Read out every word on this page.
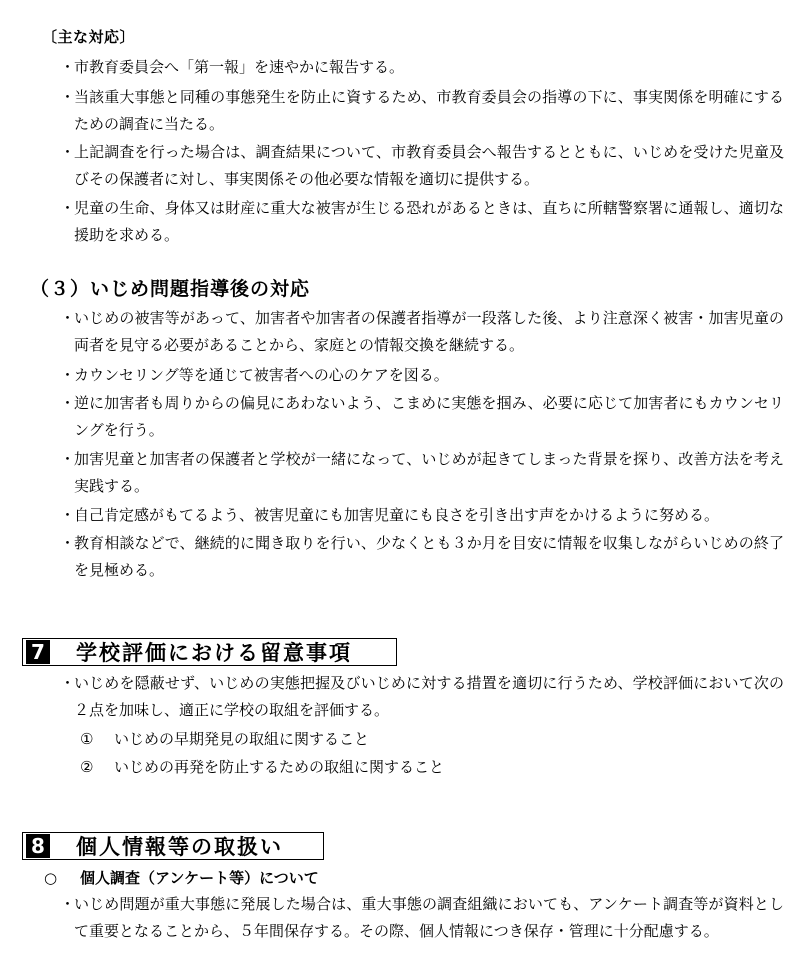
〔主な対応〕
・
市教育委員会へ「第一報」を速やかに報告する。
・
当該重大事態と同種の事態発生を防止に資するため、市教育委員会の指導の下に、事実関係を明確にするための調査に当たる。
・
上記調査を行った場合は、調査結果について、市教育委員会へ報告するとともに、いじめを受けた児童及びその保護者に対し、事実関係その他必要な情報を適切に提供する。
・
児童の生命、身体又は財産に重大な被害が生じる恐れがあるときは、直ちに所轄警察署に通報し、適切な援助を求める。
（３）いじめ問題指導後の対応
・
いじめの被害等があって、加害者や加害者の保護者指導が一段落した後、より注意深く被害・加害児童の両者を見守る必要があることから、家庭との情報交換を継続する。
・
カウンセリング等を通じて被害者への心のケアを図る。
・
逆に加害者も周りからの偏見にあわないよう、こまめに実態を掴み、必要に応じて加害者にもカウンセリングを行う。
・
加害児童と加害者の保護者と学校が一緒になって、いじめが起きてしまった背景を探り、改善方法を考え実践する。
・
自己肯定感がもてるよう、被害児童にも加害児童にも良さを引き出す声をかけるように努める。
・
教育相談などで、継続的に聞き取りを行い、少なくとも３か月を目安に情報を収集しながらいじめの終了を見極める。
7 学校評価における留意事項
・
いじめを隠蔽せず、いじめの実態把握及びいじめに対する措置を適切に行うため、学校評価において次の２点を加味し、適正に学校の取組を評価する。
① いじめの早期発見の取組に関すること
② いじめの再発を防止するための取組に関すること
8 個人情報等の取扱い
○ 個人調査（アンケート等）について
・
いじめ問題が重大事態に発展した場合は、重大事態の調査組織においても、アンケート調査等が資料として重要となることから、５年間保存する。その際、個人情報につき保存・管理に十分配慮する。
